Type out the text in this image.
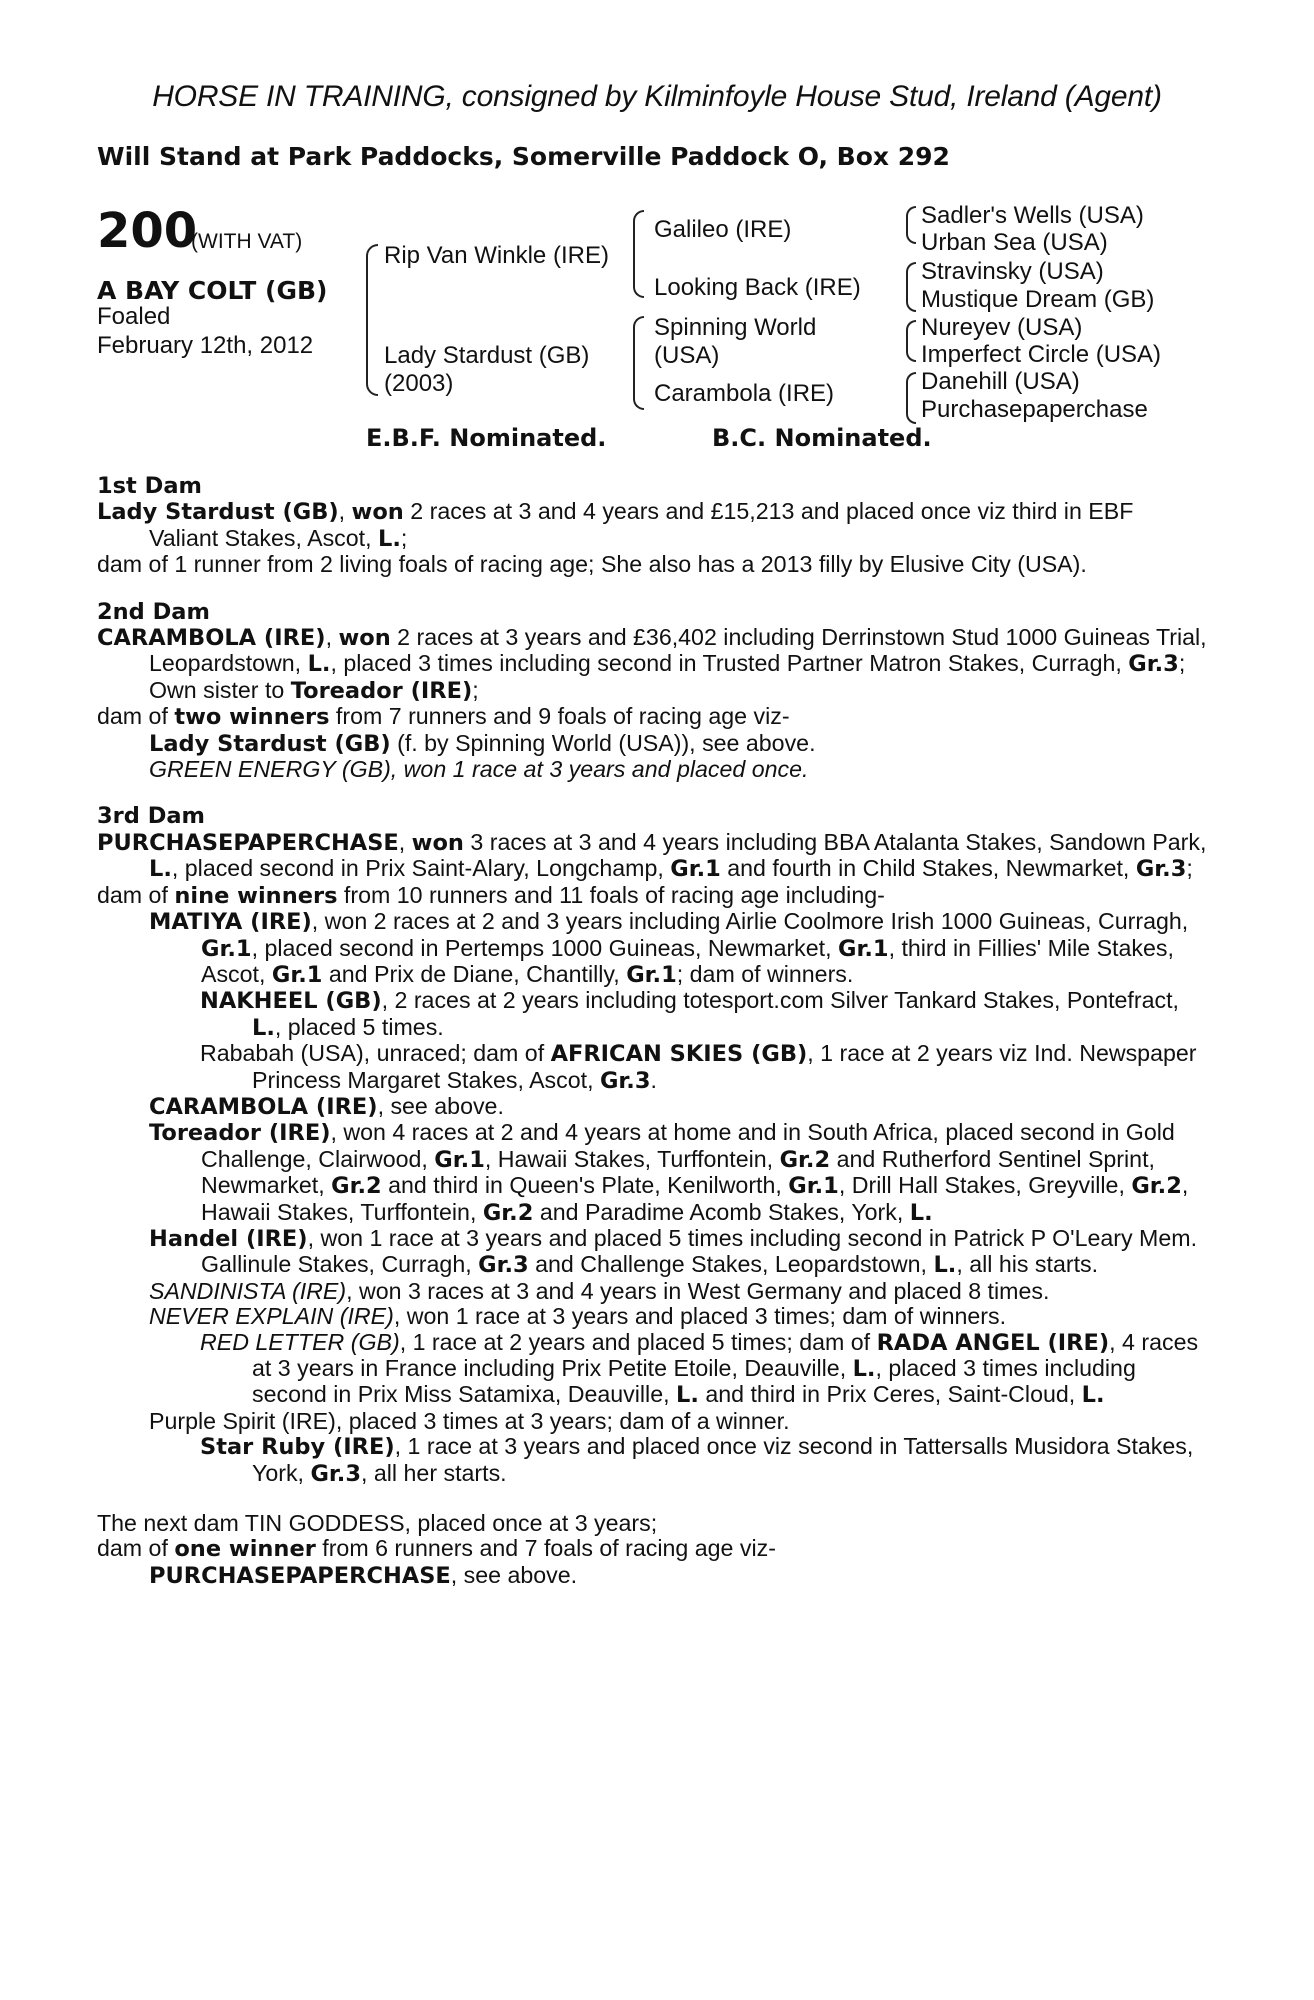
HORSE IN TRAINING, consigned by Kilminfoyle House Stud, Ireland (Agent)
Will Stand at Park Paddocks, Somerville Paddock O, Box 292
200
(WITH VAT)
A BAY COLT (GB)
Foaled
February 12th, 2012
Rip Van Winkle (IRE)
Lady Stardust (GB)
(2003)
Galileo (IRE)
Looking Back (IRE)
Spinning World
(USA)
Carambola (IRE)
Sadler's Wells (USA)
Urban Sea (USA)
Stravinsky (USA)
Mustique Dream (GB)
Nureyev (USA)
Imperfect Circle (USA)
Danehill (USA)
Purchasepaperchase
E.B.F. Nominated.	B.C. Nominated.
1st Dam
Lady Stardust (GB), won 2 races at 3 and 4 years and £15,213 and placed once viz third in EBF Valiant Stakes, Ascot, L.;
dam of 1 runner from 2 living foals of racing age; She also has a 2013 filly by Elusive City (USA).
2nd Dam
CARAMBOLA (IRE), won 2 races at 3 years and £36,402 including Derrinstown Stud 1000 Guineas Trial, Leopardstown, L., placed 3 times including second in Trusted Partner Matron Stakes, Curragh, Gr.3; Own sister to Toreador (IRE);
dam of two winners from 7 runners and 9 foals of racing age viz-
Lady Stardust (GB) (f. by Spinning World (USA)), see above.
GREEN ENERGY (GB), won 1 race at 3 years and placed once.
3rd Dam
PURCHASEPAPERCHASE, won 3 races at 3 and 4 years including BBA Atalanta Stakes, Sandown Park, L., placed second in Prix Saint-Alary, Longchamp, Gr.1 and fourth in Child Stakes, Newmarket, Gr.3;
dam of nine winners from 10 runners and 11 foals of racing age including-
MATIYA (IRE), won 2 races at 2 and 3 years including Airlie Coolmore Irish 1000 Guineas, Curragh, Gr.1, placed second in Pertemps 1000 Guineas, Newmarket, Gr.1, third in Fillies' Mile Stakes, Ascot, Gr.1 and Prix de Diane, Chantilly, Gr.1; dam of winners.
NAKHEEL (GB), 2 races at 2 years including totesport.com Silver Tankard Stakes, Pontefract, L., placed 5 times.
Rababah (USA), unraced; dam of AFRICAN SKIES (GB), 1 race at 2 years viz Ind. Newspaper Princess Margaret Stakes, Ascot, Gr.3.
CARAMBOLA (IRE), see above.
Toreador (IRE), won 4 races at 2 and 4 years at home and in South Africa, placed second in Gold Challenge, Clairwood, Gr.1, Hawaii Stakes, Turffontein, Gr.2 and Rutherford Sentinel Sprint, Newmarket, Gr.2 and third in Queen's Plate, Kenilworth, Gr.1, Drill Hall Stakes, Greyville, Gr.2, Hawaii Stakes, Turffontein, Gr.2 and Paradime Acomb Stakes, York, L.
Handel (IRE), won 1 race at 3 years and placed 5 times including second in Patrick P O'Leary Mem. Gallinule Stakes, Curragh, Gr.3 and Challenge Stakes, Leopardstown, L., all his starts.
SANDINISTA (IRE), won 3 races at 3 and 4 years in West Germany and placed 8 times.
NEVER EXPLAIN (IRE), won 1 race at 3 years and placed 3 times; dam of winners.
RED LETTER (GB), 1 race at 2 years and placed 5 times; dam of RADA ANGEL (IRE), 4 races at 3 years in France including Prix Petite Etoile, Deauville, L., placed 3 times including second in Prix Miss Satamixa, Deauville, L. and third in Prix Ceres, Saint-Cloud, L.
Purple Spirit (IRE), placed 3 times at 3 years; dam of a winner.
Star Ruby (IRE), 1 race at 3 years and placed once viz second in Tattersalls Musidora Stakes, York, Gr.3, all her starts.
The next dam TIN GODDESS, placed once at 3 years;
dam of one winner from 6 runners and 7 foals of racing age viz-
PURCHASEPAPERCHASE, see above.
